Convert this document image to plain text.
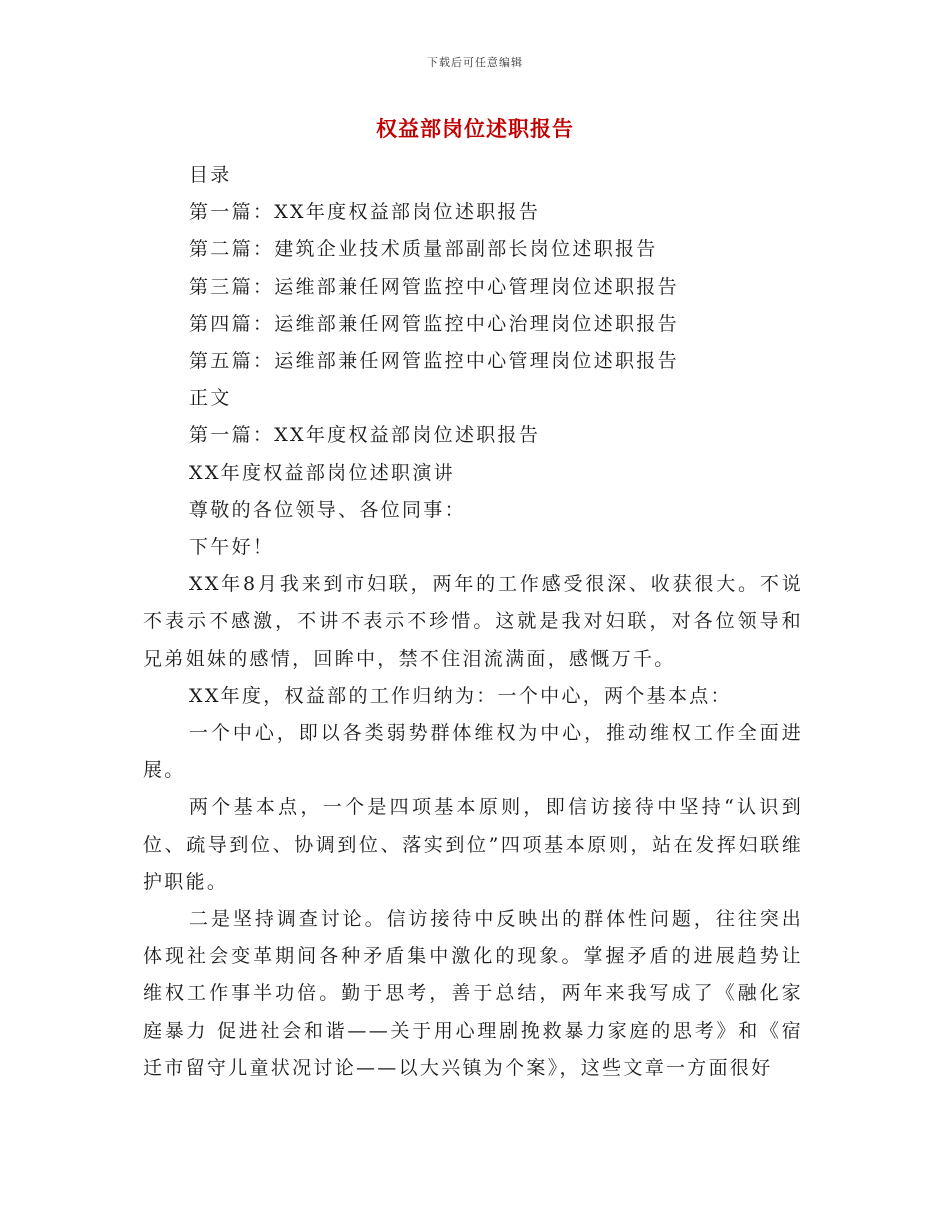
下载后可任意编辑
权益部岗位述职报告

目录

第一篇：XX年度权益部岗位述职报告

第二篇：建筑企业技术质量部副部长岗位述职报告

第三篇：运维部兼任网管监控中心管理岗位述职报告

第四篇：运维部兼任网管监控中心治理岗位述职报告

第五篇：运维部兼任网管监控中心管理岗位述职报告

正文

第一篇：XX年度权益部岗位述职报告

XX年度权益部岗位述职演讲

尊敬的各位领导、各位同事：

下午好！

XX年8月我来到市妇联，两年的工作感受很深、收获很大。不说不表示不感激，不讲不表示不珍惜。这就是我对妇联，对各位领导和兄弟姐妹的感情，回眸中，禁不住泪流满面，感慨万千。

XX年度，权益部的工作归纳为：一个中心，两个基本点：

一个中心，即以各类弱势群体维权为中心，推动维权工作全面进展。

两个基本点，一个是四项基本原则，即信访接待中坚持“认识到位、疏导到位、协调到位、落实到位”四项基本原则，站在发挥妇联维护职能。

二是坚持调查讨论。信访接待中反映出的群体性问题，往往突出体现社会变革期间各种矛盾集中激化的现象。掌握矛盾的进展趋势让维权工作事半功倍。勤于思考，善于总结，两年来我写成了《融化家庭暴力 促进社会和谐——关于用心理剧挽救暴力家庭的思考》和《宿迁市留守儿童状况讨论——以大兴镇为个案》，这些文章一方面很好
